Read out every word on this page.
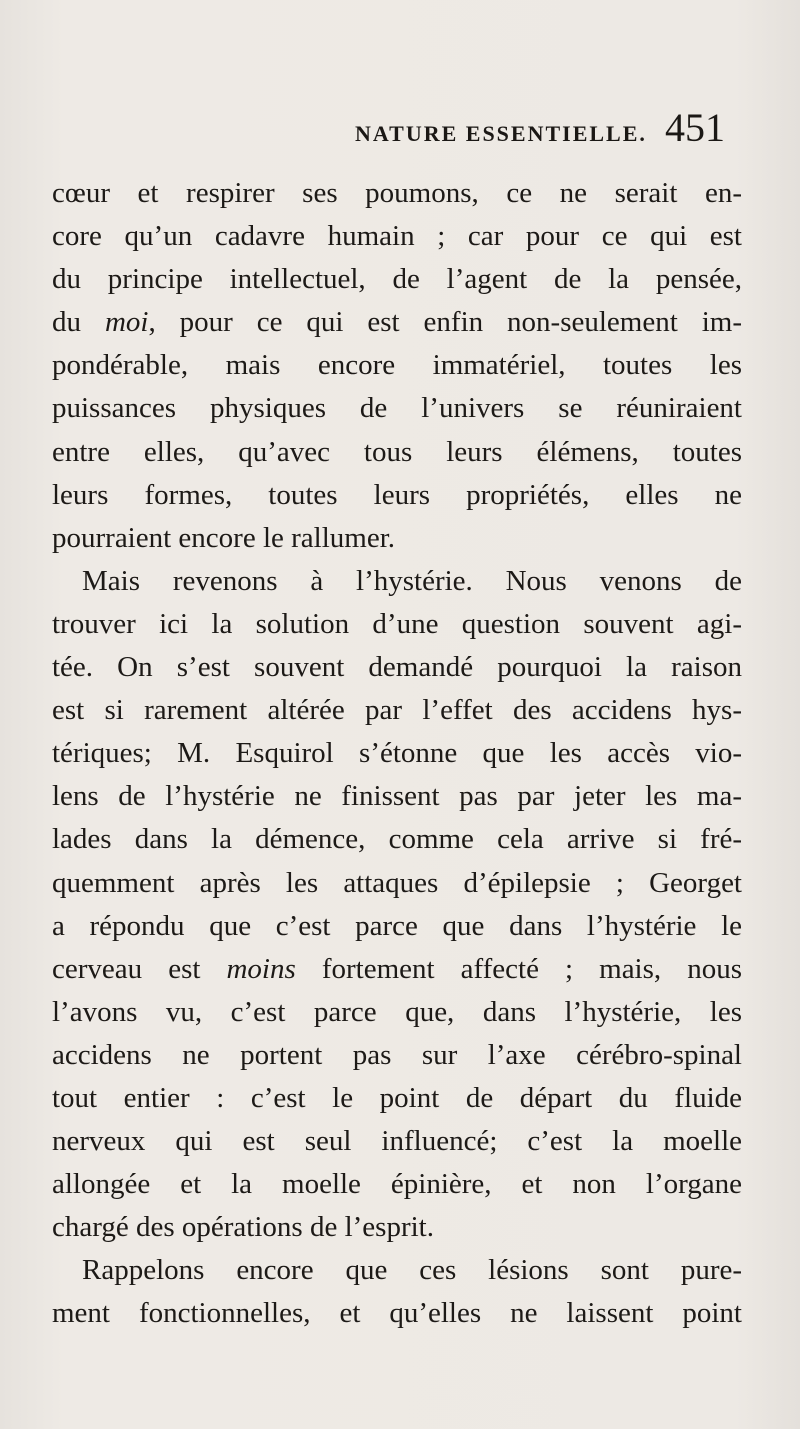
NATURE ESSENTIELLE. 451
cœur et respirer ses poumons, ce ne serait en-
core qu’un cadavre humain ; car pour ce qui est
du principe intellectuel, de l’agent de la pensée,
du moi, pour ce qui est enfin non-seulement im-
pondérable, mais encore immatériel, toutes les
puissances physiques de l’univers se réuniraient
entre elles, qu’avec tous leurs élémens, toutes
leurs formes, toutes leurs propriétés, elles ne
pourraient encore le rallumer.
Mais revenons à l’hystérie. Nous venons de
trouver ici la solution d’une question souvent agi-
tée. On s’est souvent demandé pourquoi la raison
est si rarement altérée par l’effet des accidens hys-
tériques; M. Esquirol s’étonne que les accès vio-
lens de l’hystérie ne finissent pas par jeter les ma-
lades dans la démence, comme cela arrive si fré-
quemment après les attaques d’épilepsie ; Georget
a répondu que c’est parce que dans l’hystérie le
cerveau est moins fortement affecté ; mais, nous
l’avons vu, c’est parce que, dans l’hystérie, les
accidens ne portent pas sur l’axe cérébro-spinal
tout entier : c’est le point de départ du fluide
nerveux qui est seul influencé; c’est la moelle
allongée et la moelle épinière, et non l’organe
chargé des opérations de l’esprit.
Rappelons encore que ces lésions sont pure-
ment fonctionnelles, et qu’elles ne laissent point
